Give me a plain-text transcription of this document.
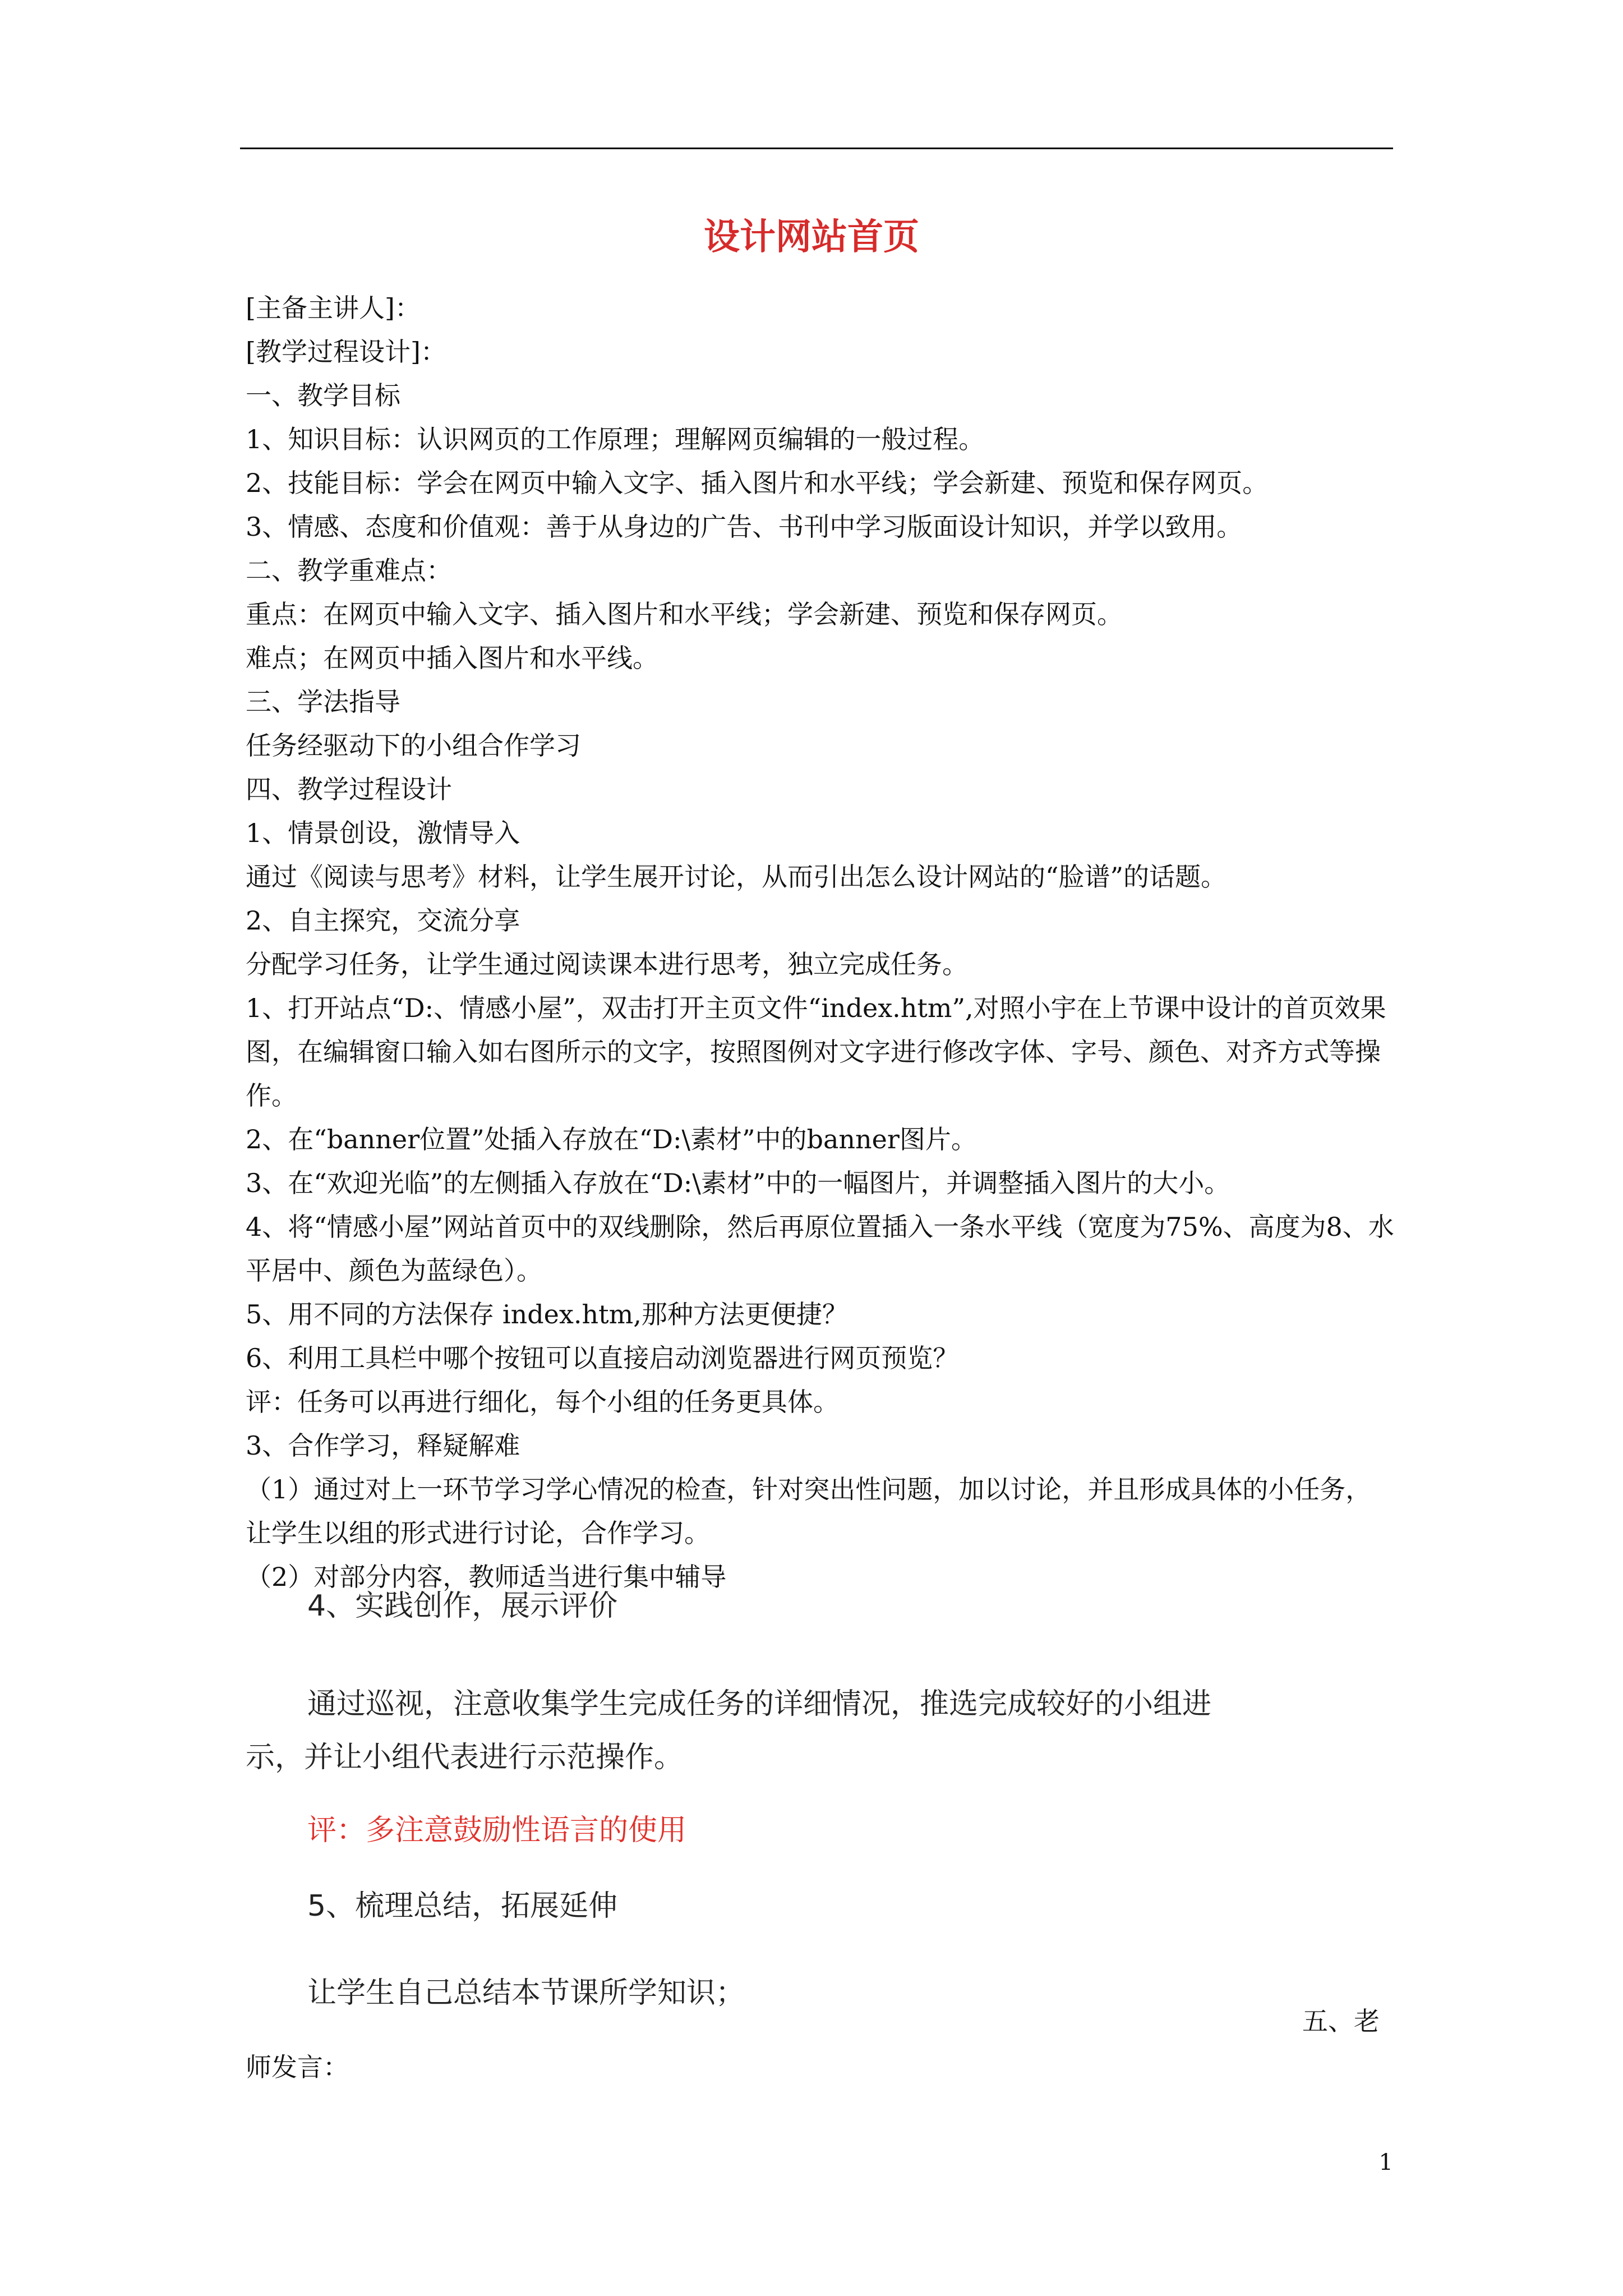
设计网站首页

[主备主讲人]：

[教学过程设计]：

一、教学目标

1、知识目标：认识网页的工作原理；理解网页编辑的一般过程。

2、技能目标：学会在网页中输入文字、插入图片和水平线；学会新建、预览和保存网页。

3、情感、态度和价值观：善于从身边的广告、书刊中学习版面设计知识，并学以致用。

二、教学重难点：

重点：在网页中输入文字、插入图片和水平线；学会新建、预览和保存网页。

难点；在网页中插入图片和水平线。

三、学法指导

任务经驱动下的小组合作学习

四、教学过程设计

1、情景创设，激情导入

通过《阅读与思考》材料，让学生展开讨论，从而引出怎么设计网站的“脸谱”的话题。

2、自主探究，交流分享

分配学习任务，让学生通过阅读课本进行思考，独立完成任务。

1、打开站点“D:、情感小屋”，双击打开主页文件“index.htm”,对照小宇在上节课中设计的首页效果图，在编辑窗口输入如右图所示的文字，按照图例对文字进行修改字体、字号、颜色、对齐方式等操作。

2、在“banner位置”处插入存放在“D:\素材”中的banner图片。

3、在“欢迎光临”的左侧插入存放在“D:\素材”中的一幅图片，并调整插入图片的大小。

4、将“情感小屋”网站首页中的双线删除，然后再原位置插入一条水平线（宽度为75%、高度为8、水平居中、颜色为蓝绿色）。

5、用不同的方法保存 index.htm,那种方法更便捷？

6、利用工具栏中哪个按钮可以直接启动浏览器进行网页预览？

评：任务可以再进行细化，每个小组的任务更具体。

3、合作学习，释疑解难

（1）通过对上一环节学习学心情况的检查，针对突出性问题，加以讨论，并且形成具体的小任务，让学生以组的形式进行讨论，合作学习。

（2）对部分内容，教师适当进行集中辅导

4、实践创作，展示评价

通过巡视，注意收集学生完成任务的详细情况，推选完成较好的小组进

示，并让小组代表进行示范操作。

评：多注意鼓励性语言的使用

5、梳理总结，拓展延伸

让学生自己总结本节课所学知识；

五、老
师发言：
1
